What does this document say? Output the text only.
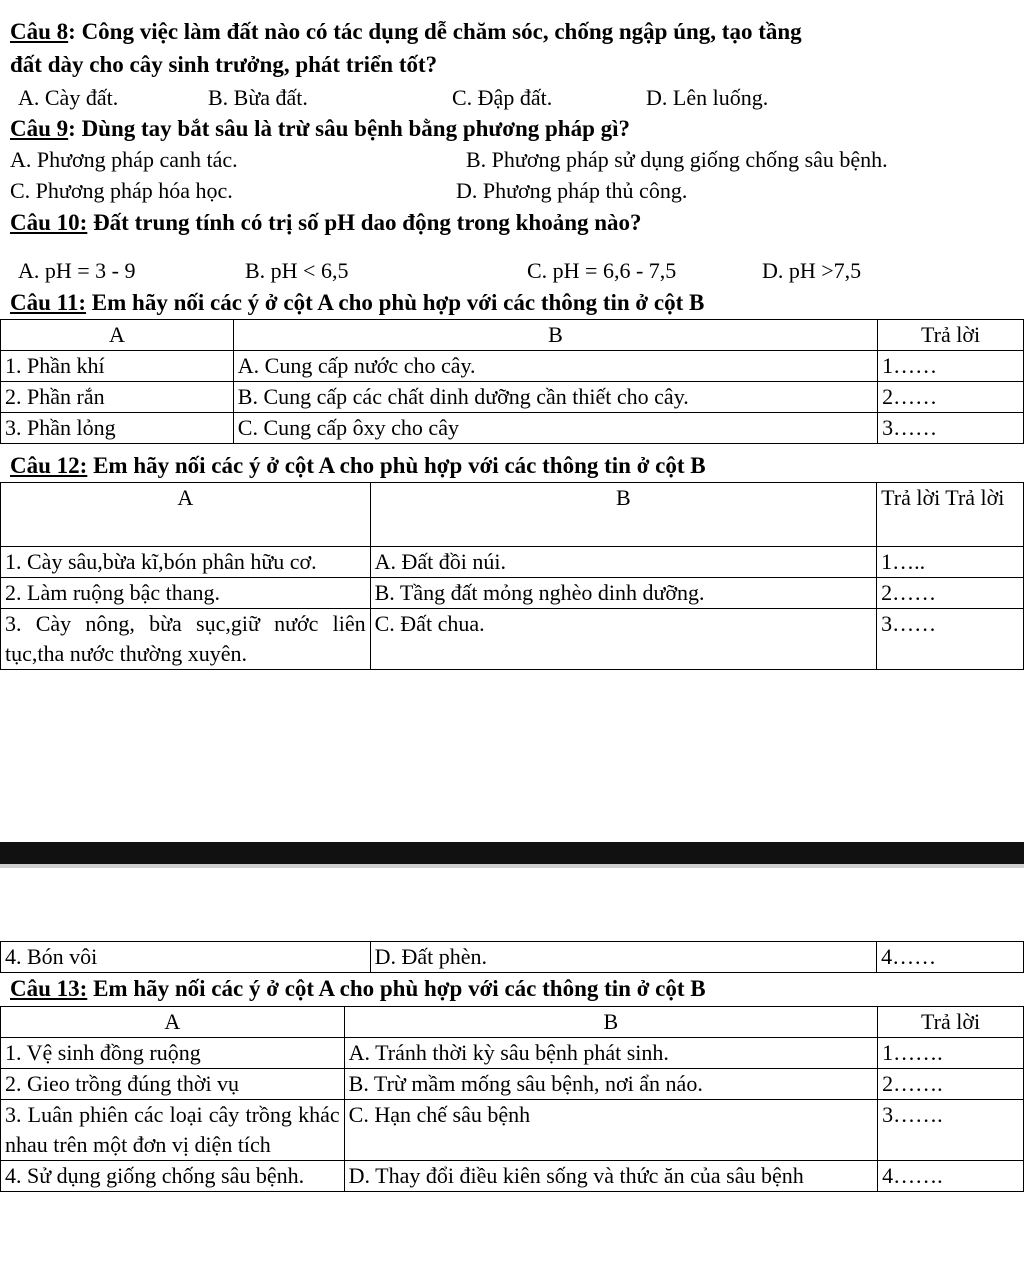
Câu 8: Công việc làm đất nào có tác dụng dễ chăm sóc, chống ngập úng, tạo tầng
đất dày cho cây sinh trưởng, phát triển tốt?
A. Cày đất.	B. Bừa đất.	C. Đập đất.	D. Lên luống.
Câu 9: Dùng tay bắt sâu là trừ sâu bệnh bằng phương pháp gì?
A. Phương pháp canh tác.	B. Phương pháp sử dụng giống chống sâu bệnh.
C. Phương pháp hóa học.	D. Phương pháp thủ công.
Câu 10: Đất trung tính có trị số pH dao động trong khoảng nào?
A. pH = 3 - 9	B. pH < 6,5	C. pH = 6,6 - 7,5	D. pH >7,5
Câu 11: Em hãy nối các ý ở cột A cho phù hợp với các thông tin ở cột B
A	B	Trả lời
1. Phần khí	A. Cung cấp nước cho cây.	1……
2. Phần rắn	B. Cung cấp các chất dinh dưỡng cần thiết cho cây.	2……
3. Phần lỏng	C. Cung cấp ôxy cho cây	3……
Câu 12: Em hãy nối các ý ở cột A cho phù hợp với các thông tin ở cột B
A	B	Trả lời Trả lời
1. Cày sâu,bừa kĩ,bón phân hữu cơ.	A. Đất đồi núi.	1…..
2. Làm ruộng bậc thang.	B. Tầng đất mỏng nghèo dinh dưỡng.	2……
3. Cày nông, bừa sục,giữ nước liên tục,tha nước thường xuyên.	C. Đất chua.	3……
4. Bón vôi	D. Đất phèn.	4……
Câu 13: Em hãy nối các ý ở cột A cho phù hợp với các thông tin ở cột B
A	B	Trả lời
1. Vệ sinh đồng ruộng	A. Tránh thời kỳ sâu bệnh phát sinh.	1…….
2. Gieo trồng đúng thời vụ	B. Trừ mầm mống sâu bệnh, nơi ẩn náo.	2…….
3. Luân phiên các loại cây trồng khác nhau trên một đơn vị diện tích	C. Hạn chế sâu bệnh	3…….
4. Sử dụng giống chống sâu bệnh.	D. Thay đổi điều kiên sống và thức ăn của sâu bệnh	4…….
